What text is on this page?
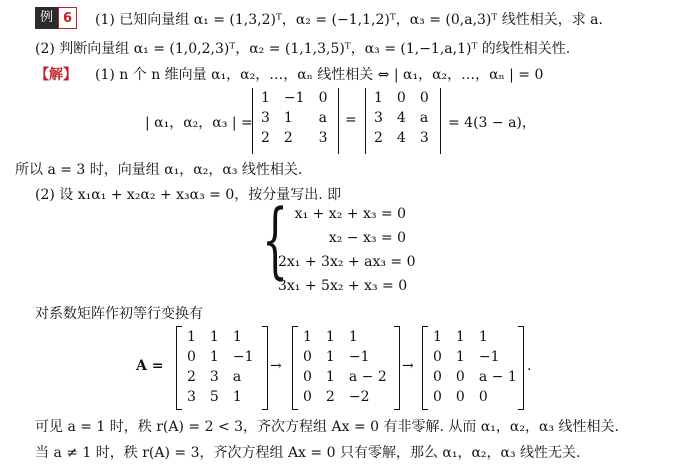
例 6	(1) 已知向量组 α₁ = (1,3,2)ᵀ，α₂ = (−1,1,2)ᵀ，α₃ = (0,a,3)ᵀ 线性相关，求 a.
(2) 判断向量组 α₁ = (1,0,2,3)ᵀ，α₂ = (1,1,3,5)ᵀ，α₃ = (1,−1,a,1)ᵀ 的线性相关性.
【解】 (1) n 个 n 维向量 α₁，α₂，…，αₙ 线性相关 ⇔ | α₁，α₂，…，αₙ | = 0
| α₁，α₂，α₃ | =
1	−1	0
3	1	a
2	2	3
=
1	0	0
3	4	a
2	4	3
= 4(3 − a)，
所以 a = 3 时，向量组 α₁，α₂，α₃ 线性相关.
(2) 设 x₁α₁ + x₂α₂ + x₃α₃ = 0，按分量写出. 即
{ x₁ + x₂ + x₃ = 0
x₂ − x₃ = 0
2x₁ + 3x₂ + ax₃ = 0
3x₁ + 5x₂ + x₃ = 0
对系数矩阵作初等行变换有
A =
1	1	1
0	1	−1
2	3	a
3	5	1
→
1	1	1
0	1	−1
0	1	a − 2
0	2	−2
→
1	1	1
0	1	−1
0	0	a − 1
0	0	0
.
可见 a = 1 时，秩 r(A) = 2 < 3，齐次方程组 Ax = 0 有非零解. 从而 α₁，α₂，α₃ 线性相关.
当 a ≠ 1 时，秩 r(A) = 3，齐次方程组 Ax = 0 只有零解，那么 α₁，α₂，α₃ 线性无关.
